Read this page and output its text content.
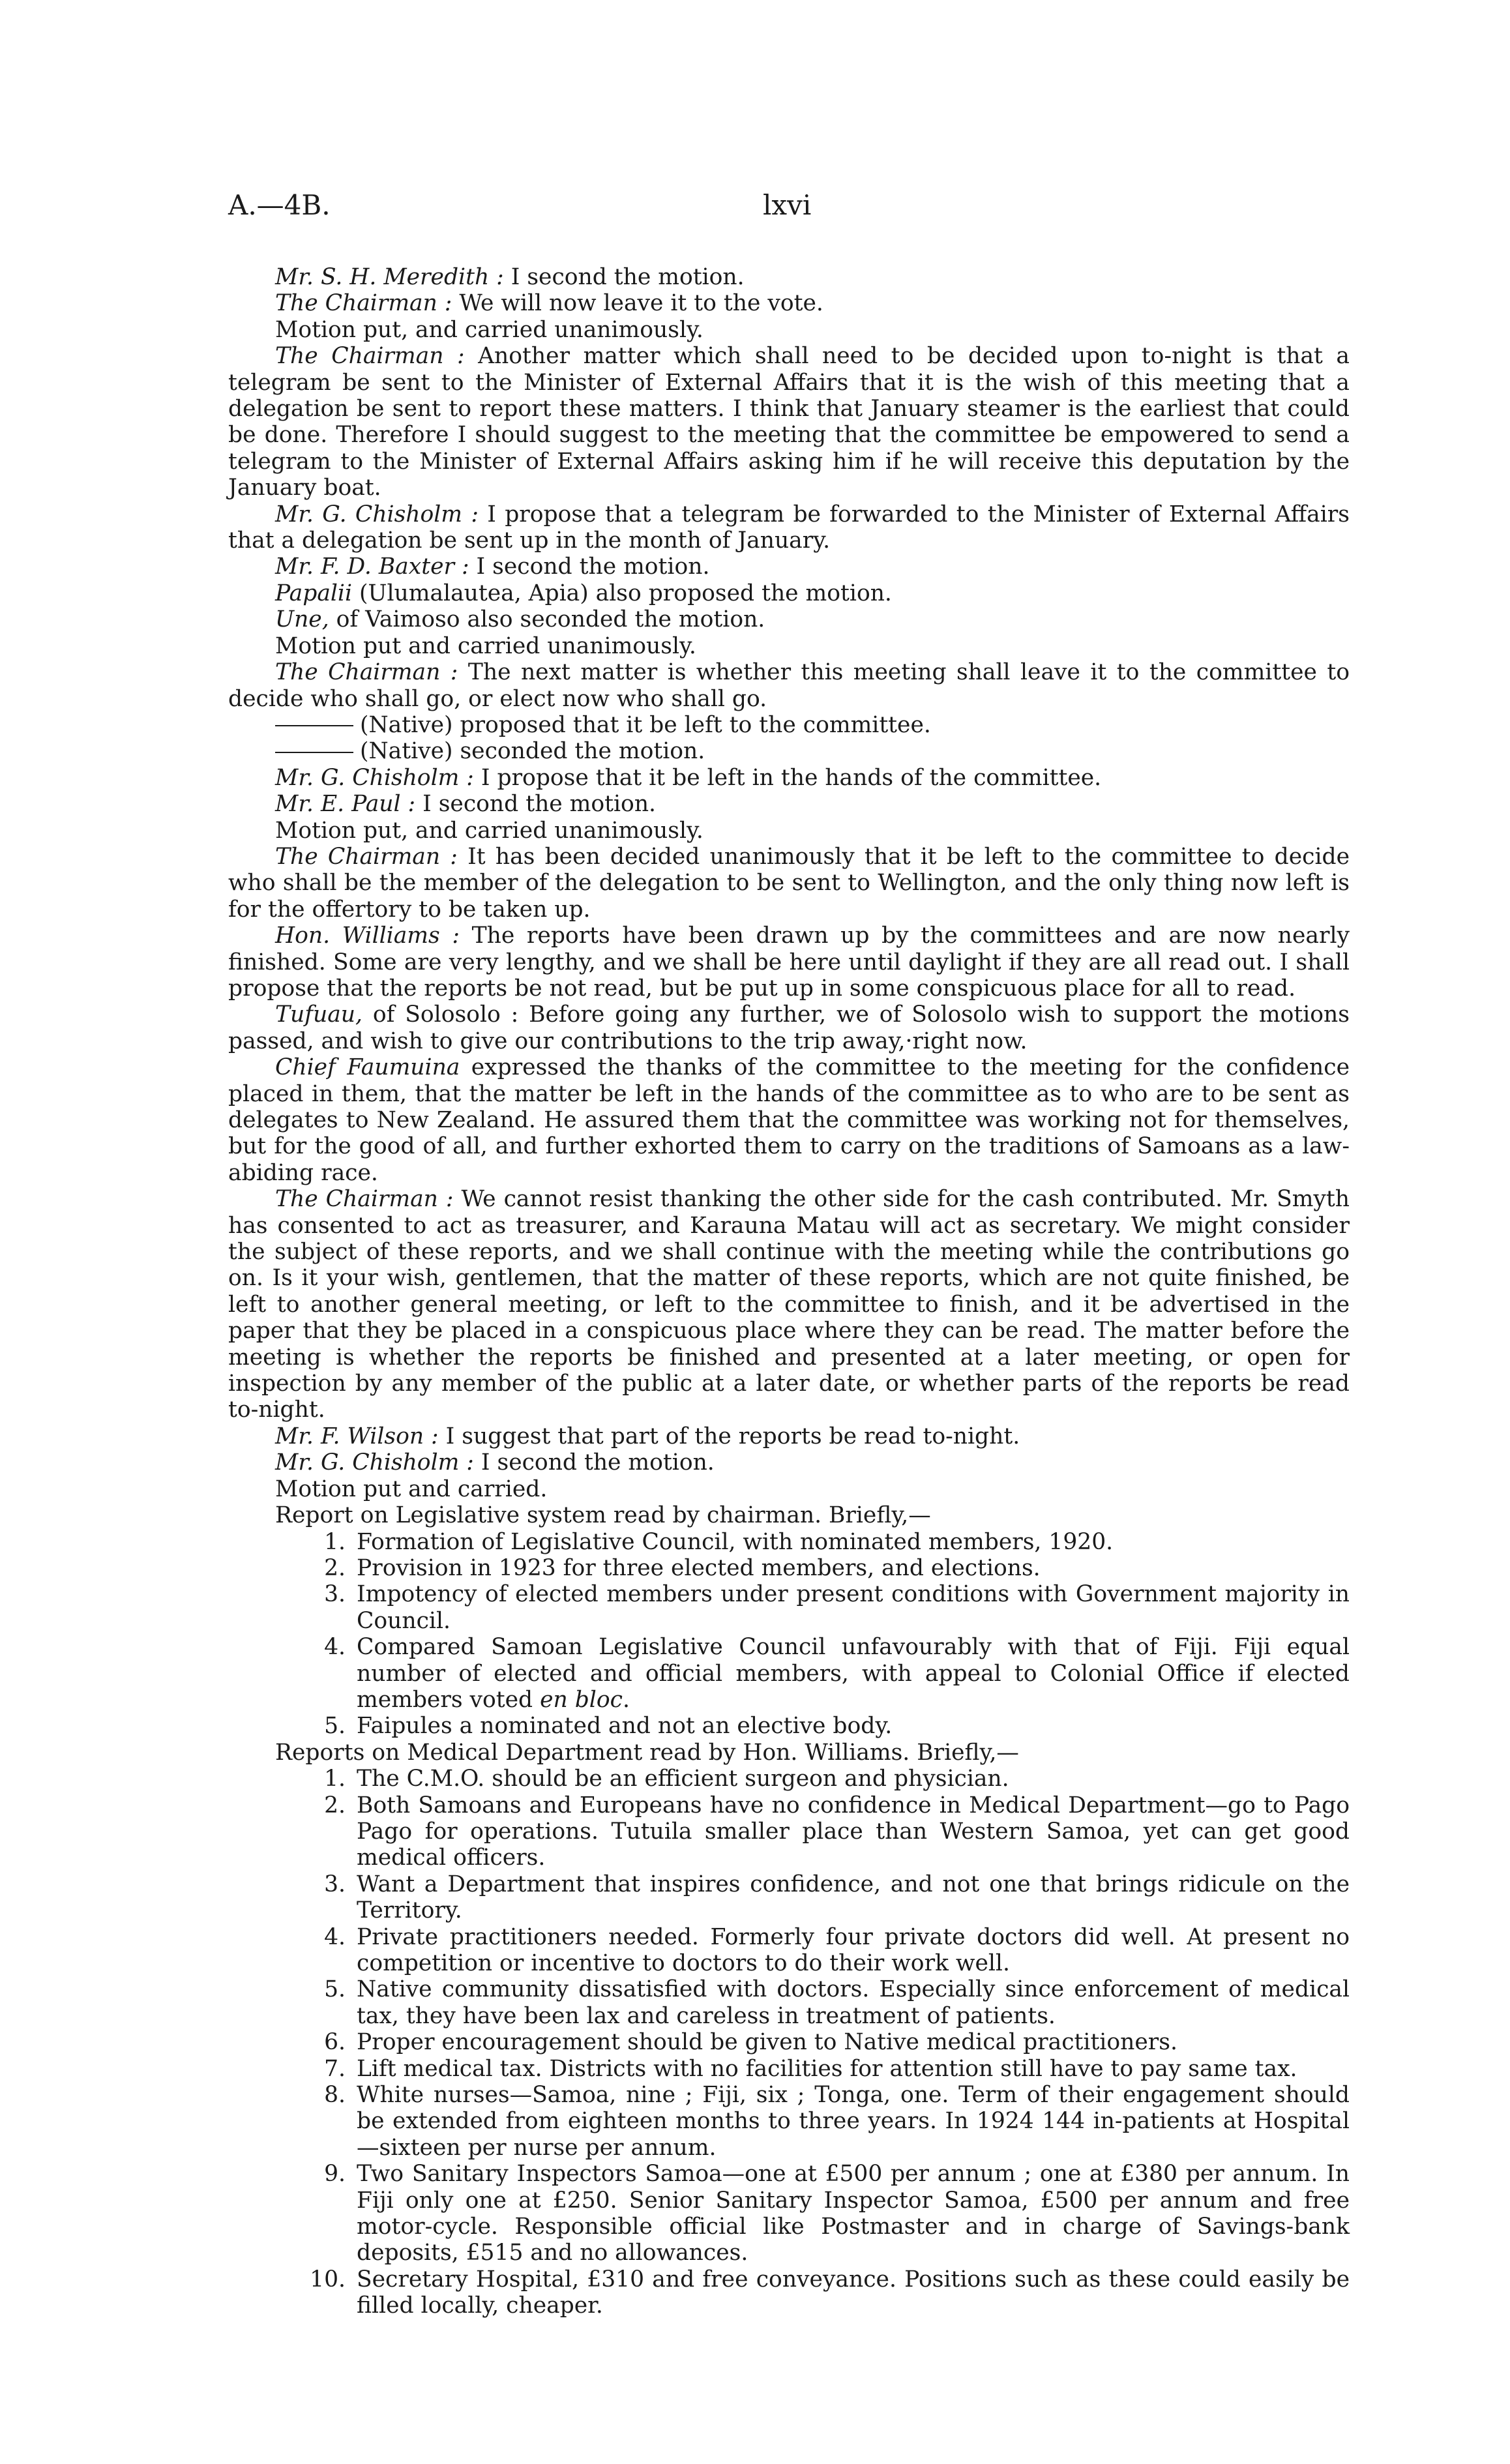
A.—4B.	lxvi

Mr. S. H. Meredith : I second the motion.

The Chairman : We will now leave it to the vote.

Motion put, and carried unanimously.

The Chairman : Another matter which shall need to be decided upon to-night is that a telegram be sent to the Minister of External Affairs that it is the wish of this meeting that a delegation be sent to report these matters. I think that January steamer is the earliest that could be done. Therefore I should suggest to the meeting that the committee be empowered to send a telegram to the Minister of External Affairs asking him if he will receive this deputation by the January boat.

Mr. G. Chisholm : I propose that a telegram be forwarded to the Minister of External Affairs that a delegation be sent up in the month of January.

Mr. F. D. Baxter : I second the motion.

Papalii (Ulumalautea, Apia) also proposed the motion.

Une, of Vaimoso also seconded the motion.

Motion put and carried unanimously.

The Chairman : The next matter is whether this meeting shall leave it to the committee to decide who shall go, or elect now who shall go.

(Native) proposed that it be left to the committee.

(Native) seconded the motion.

Mr. G. Chisholm : I propose that it be left in the hands of the committee.

Mr. E. Paul : I second the motion.

Motion put, and carried unanimously.

The Chairman : It has been decided unanimously that it be left to the committee to decide who shall be the member of the delegation to be sent to Wellington, and the only thing now left is for the offertory to be taken up.

Hon. Williams : The reports have been drawn up by the committees and are now nearly finished. Some are very lengthy, and we shall be here until daylight if they are all read out. I shall propose that the reports be not read, but be put up in some conspicuous place for all to read.

Tufuau, of Solosolo : Before going any further, we of Solosolo wish to support the motions passed, and wish to give our contributions to the trip away,·right now.

Chief Faumuina expressed the thanks of the committee to the meeting for the confidence placed in them, that the matter be left in the hands of the committee as to who are to be sent as delegates to New Zealand. He assured them that the committee was working not for themselves, but for the good of all, and further exhorted them to carry on the traditions of Samoans as a law-abiding race.

The Chairman : We cannot resist thanking the other side for the cash contributed. Mr. Smyth has consented to act as treasurer, and Karauna Matau will act as secretary. We might consider the subject of these reports, and we shall continue with the meeting while the contributions go on. Is it your wish, gentlemen, that the matter of these reports, which are not quite finished, be left to another general meeting, or left to the committee to finish, and it be advertised in the paper that they be placed in a conspicuous place where they can be read. The matter before the meeting is whether the reports be finished and presented at a later meeting, or open for inspection by any member of the public at a later date, or whether parts of the reports be read to-night.

Mr. F. Wilson : I suggest that part of the reports be read to-night.

Mr. G. Chisholm : I second the motion.

Motion put and carried.

Report on Legislative system read by chairman. Briefly,—

1. Formation of Legislative Council, with nominated members, 1920.
2. Provision in 1923 for three elected members, and elections.
3. Impotency of elected members under present conditions with Government majority in Council.
4. Compared Samoan Legislative Council unfavourably with that of Fiji. Fiji equal number of elected and official members, with appeal to Colonial Office if elected members voted en bloc.
5. Faipules a nominated and not an elective body.

Reports on Medical Department read by Hon. Williams. Briefly,—

1. The C.M.O. should be an efficient surgeon and physician.
2. Both Samoans and Europeans have no confidence in Medical Department—go to Pago Pago for operations. Tutuila smaller place than Western Samoa, yet can get good medical officers.
3. Want a Department that inspires confidence, and not one that brings ridicule on the Territory.
4. Private practitioners needed. Formerly four private doctors did well. At present no competition or incentive to doctors to do their work well.
5. Native community dissatisfied with doctors. Especially since enforcement of medical tax, they have been lax and careless in treatment of patients.
6. Proper encouragement should be given to Native medical practitioners.
7. Lift medical tax. Districts with no facilities for attention still have to pay same tax.
8. White nurses—Samoa, nine ; Fiji, six ; Tonga, one. Term of their engagement should be extended from eighteen months to three years. In 1924 144 in-patients at Hospital—sixteen per nurse per annum.
9. Two Sanitary Inspectors Samoa—one at £500 per annum ; one at £380 per annum. In Fiji only one at £250. Senior Sanitary Inspector Samoa, £500 per annum and free motor-cycle. Responsible official like Postmaster and in charge of Savings-bank deposits, £515 and no allowances.
10. Secretary Hospital, £310 and free conveyance. Positions such as these could easily be filled locally, cheaper.
